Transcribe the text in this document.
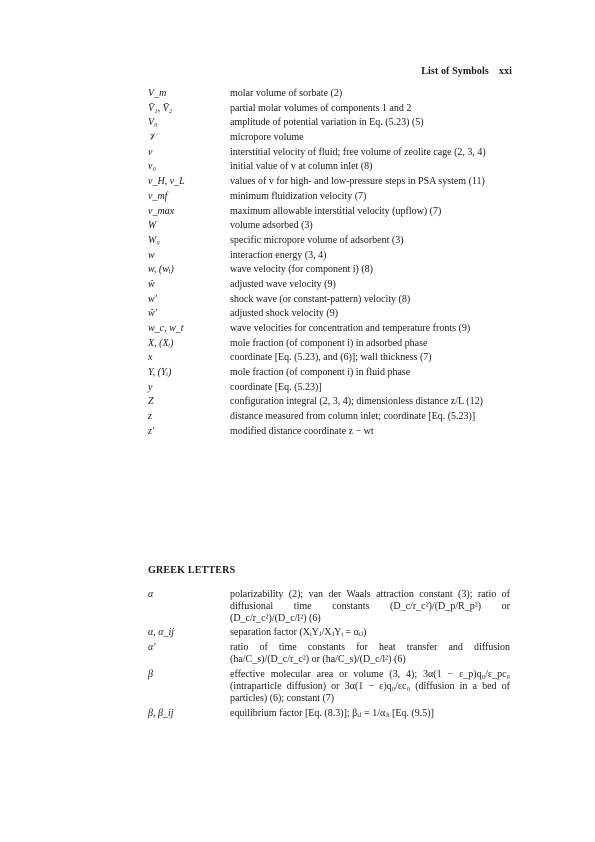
List of Symbols xxi
V_m	molar volume of sorbate (2)
V̄₁, V̄₂	partial molar volumes of components 1 and 2
V₀	amplitude of potential variation in Eq. (5.23) (5)
𝒱	micropore volume
v	interstitial velocity of fluid; free volume of zeolite cage (2, 3, 4)
v₀	initial value of v at column inlet (8)
v_H, v_L	values of v for high- and low-pressure steps in PSA system (11)
v_mf	minimum fluidization velocity (7)
v_max	maximum allowable interstitial velocity (upflow) (7)
W	volume adsorbed (3)
W₀	specific micropore volume of adsorbent (3)
w	interaction energy (3, 4)
w, (wᵢ)	wave velocity (for component i) (8)
ŵ	adjusted wave velocity (9)
w′	shock wave (or constant-pattern) velocity (8)
ŵ′	adjusted shock velocity (9)
w_c, w_t	wave velocities for concentration and temperature fronts (9)
X, (Xᵢ)	mole fraction (of component i) in adsorbed phase
x	coordinate [Eq. (5.23), and (6)]; wall thickness (7)
Y, (Yᵢ)	mole fraction (of component i) in fluid phase
y	coordinate [Eq. (5.23)]
Z	configuration integral (2, 3, 4); dimensionless distance z/L (12)
z	distance measured from column inlet; coordinate [Eq. (5.23)]
z′	modified distance coordinate z − wt
GREEK LETTERS
α	polarizability (2); van der Waals attraction constant (3); ratio of diffusional time constants (D_c/r_c²)/(D_p/R_p²) or (D_c/r_c²)/(D_c/l²) (6)
α, α_ij	separation factor (XᵢYⱼ/XⱼYᵢ = αᵢⱼ)
α′	ratio of time constants for heat transfer and diffusion (ha/C_s)/(D_c/r_c²) or (ha/C_s)/(D_c/l²) (6)
β	effective molecular area or volume (3, 4); 3α(1 − ε_p)q₀/ε_pc₀ (intraparticle diffusion) or 3α(1 − ε)q₀/εc₀ (diffusion in a bed of particles) (6); constant (7)
β, β_ij	equilibrium factor [Eq. (8.3)]; βᵢⱼ = 1/αⱼᵢ [Eq. (9.5)]
